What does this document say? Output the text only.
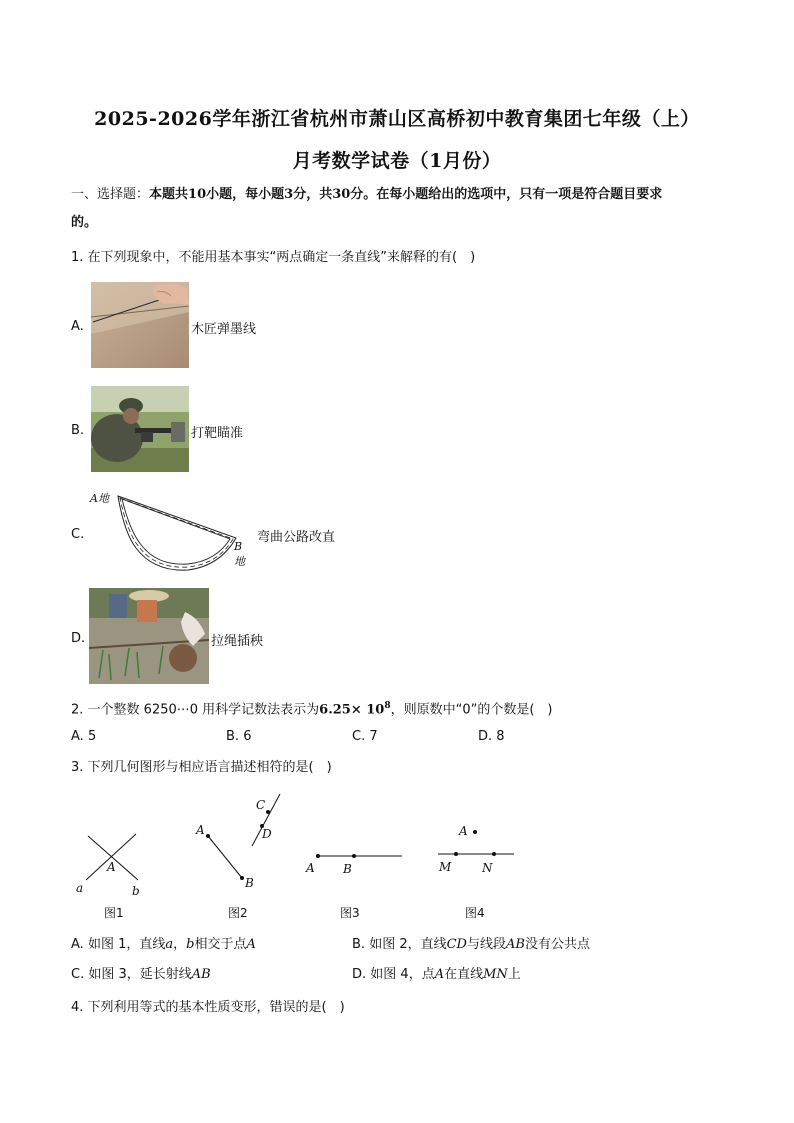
2025-2026学年浙江省杭州市萧山区高桥初中教育集团七年级（上）
月考数学试卷（1月份）
一、选择题：本题共10小题，每小题3分，共30分。在每小题给出的选项中，只有一项是符合题目要求
的。
1. 在下列现象中，不能用基本事实“两点确定一条直线”来解释的有(　)
A.	木匠弹墨线
B.	打靶瞄准
C.
A地
B地
弯曲公路改直
D.	拉绳插秧
2. 一个整数 6250⋯0 用科学记数法表示为$6.25\times 10^8$，则原数中“0”的个数是(　)
A. 5	B. 6	C. 7	D. 8
3. 下列几何图形与相应语言描述相符的是(　)
A
a	b
图1
A
B
C
D
图2
A B
图3
A
M	N
图4
A. 如图 1，直线a，b相交于点A	B. 如图 2，直线CD与线段AB没有公共点
C. 如图 3，延长射线AB	D. 如图 4，点A在直线MN上
4. 下列利用等式的基本性质变形，错误的是(　)
